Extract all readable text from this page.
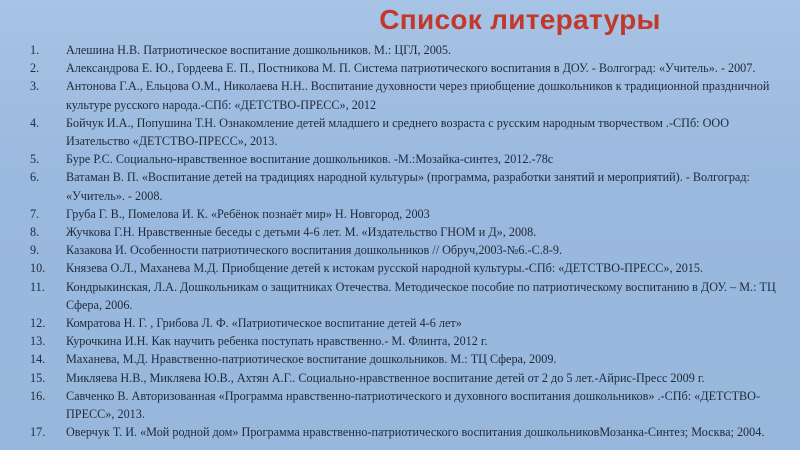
Список литературы
1.	Алешина Н.В. Патриотическое воспитание дошкольников. М.: ЦГЛ, 2005.
2.	Александрова Е. Ю., Гордеева Е. П., Постникова М. П. Система патриотического воспитания в ДОУ. - Волгоград: «Учитель». - 2007.
3.	Антонова Г.А., Ельцова О.М., Николаева Н.Н.. Воспитание духовности через приобщение дошкольников к традиционной праздничной культуре русского народа.-СПб: «ДЕТСТВО-ПРЕСС», 2012
4.	Бойчук И.А., Попушина Т.Н. Ознакомление детей младшего и среднего возраста с русским народным творчеством .-СПб: ООО Изательство «ДЕТСТВО-ПРЕСС», 2013.
5.	Буре Р.С. Социально-нравственное воспитание дошкольников. -М.:Мозайка-синтез, 2012.-78с
6.	Ватаман В. П. «Воспитание детей на традициях народной культуры» (программа, разработки занятий и мероприятий). - Волгоград: «Учитель». - 2008.
7.	Груба Г. В., Помелова И. К. «Ребёнок познаёт мир» Н. Новгород, 2003
8.	Жучкова Г.Н. Нравственные беседы с детьми 4-6 лет. М. «Издательство ГНОМ и Д», 2008.
9.	Казакова И. Особенности патриотического воспитания дошкольников // Обруч,2003-№6.-С.8-9.
10.	Князева О.Л., Маханева М.Д. Приобщение детей к истокам русской народной культуры.-СПб: «ДЕТСТВО-ПРЕСС», 2015.
11.	Кондрыкинская, Л.А. Дошкольникам о защитниках Отечества. Методическое пособие по патриотическому воспитанию в ДОУ. – М.: ТЦ Сфера, 2006.
12.	Комратова Н. Г. , Грибова Л. Ф. «Патриотическое воспитание детей 4-6 лет»
13.	Курочкина И.Н. Как научить ребенка поступать нравственно.- М. Флинта, 2012 г.
14.	Маханева, М.Д. Нравственно-патриотическое воспитание дошкольников. М.: ТЦ Сфера, 2009.
15.	Микляева Н.В., Микляева Ю.В., Ахтян А.Г.. Социально-нравственное воспитание детей от 2 до 5 лет.-Айрис-Пресс 2009 г.
16.	Савченко В. Авторизованная «Программа нравственно-патриотического и духовного воспитания дошкольников» .-СПб: «ДЕТСТВО-ПРЕСС», 2013.
17.	Оверчук Т. И. «Мой родной дом» Программа нравственно-патриотического воспитания дошкольниковМозанка-Синтез; Москва; 2004.
